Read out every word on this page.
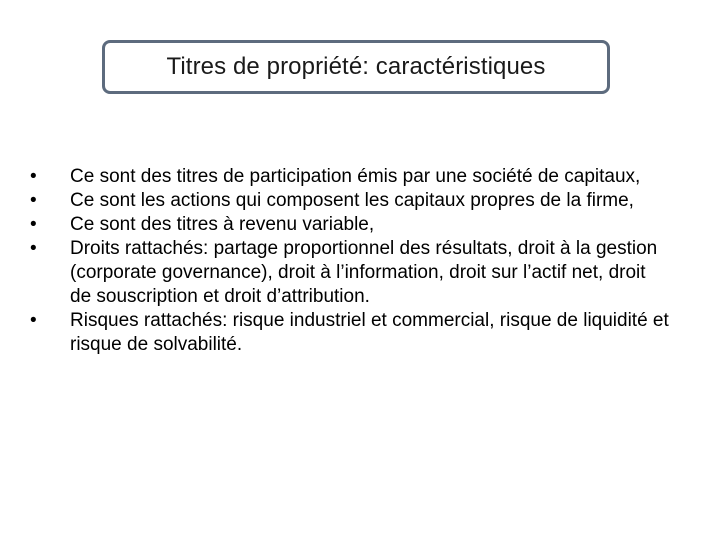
Titres de propriété: caractéristiques
•	Ce sont des titres de participation émis par une société de capitaux,
•	Ce sont les actions qui composent les capitaux propres de la firme,
•	Ce sont des titres à revenu variable,
•	Droits rattachés: partage proportionnel des résultats, droit à la gestion (corporate governance), droit à l’information, droit sur l’actif net, droit de souscription et droit d’attribution.
•	Risques rattachés: risque industriel et commercial, risque de liquidité et risque de solvabilité.
